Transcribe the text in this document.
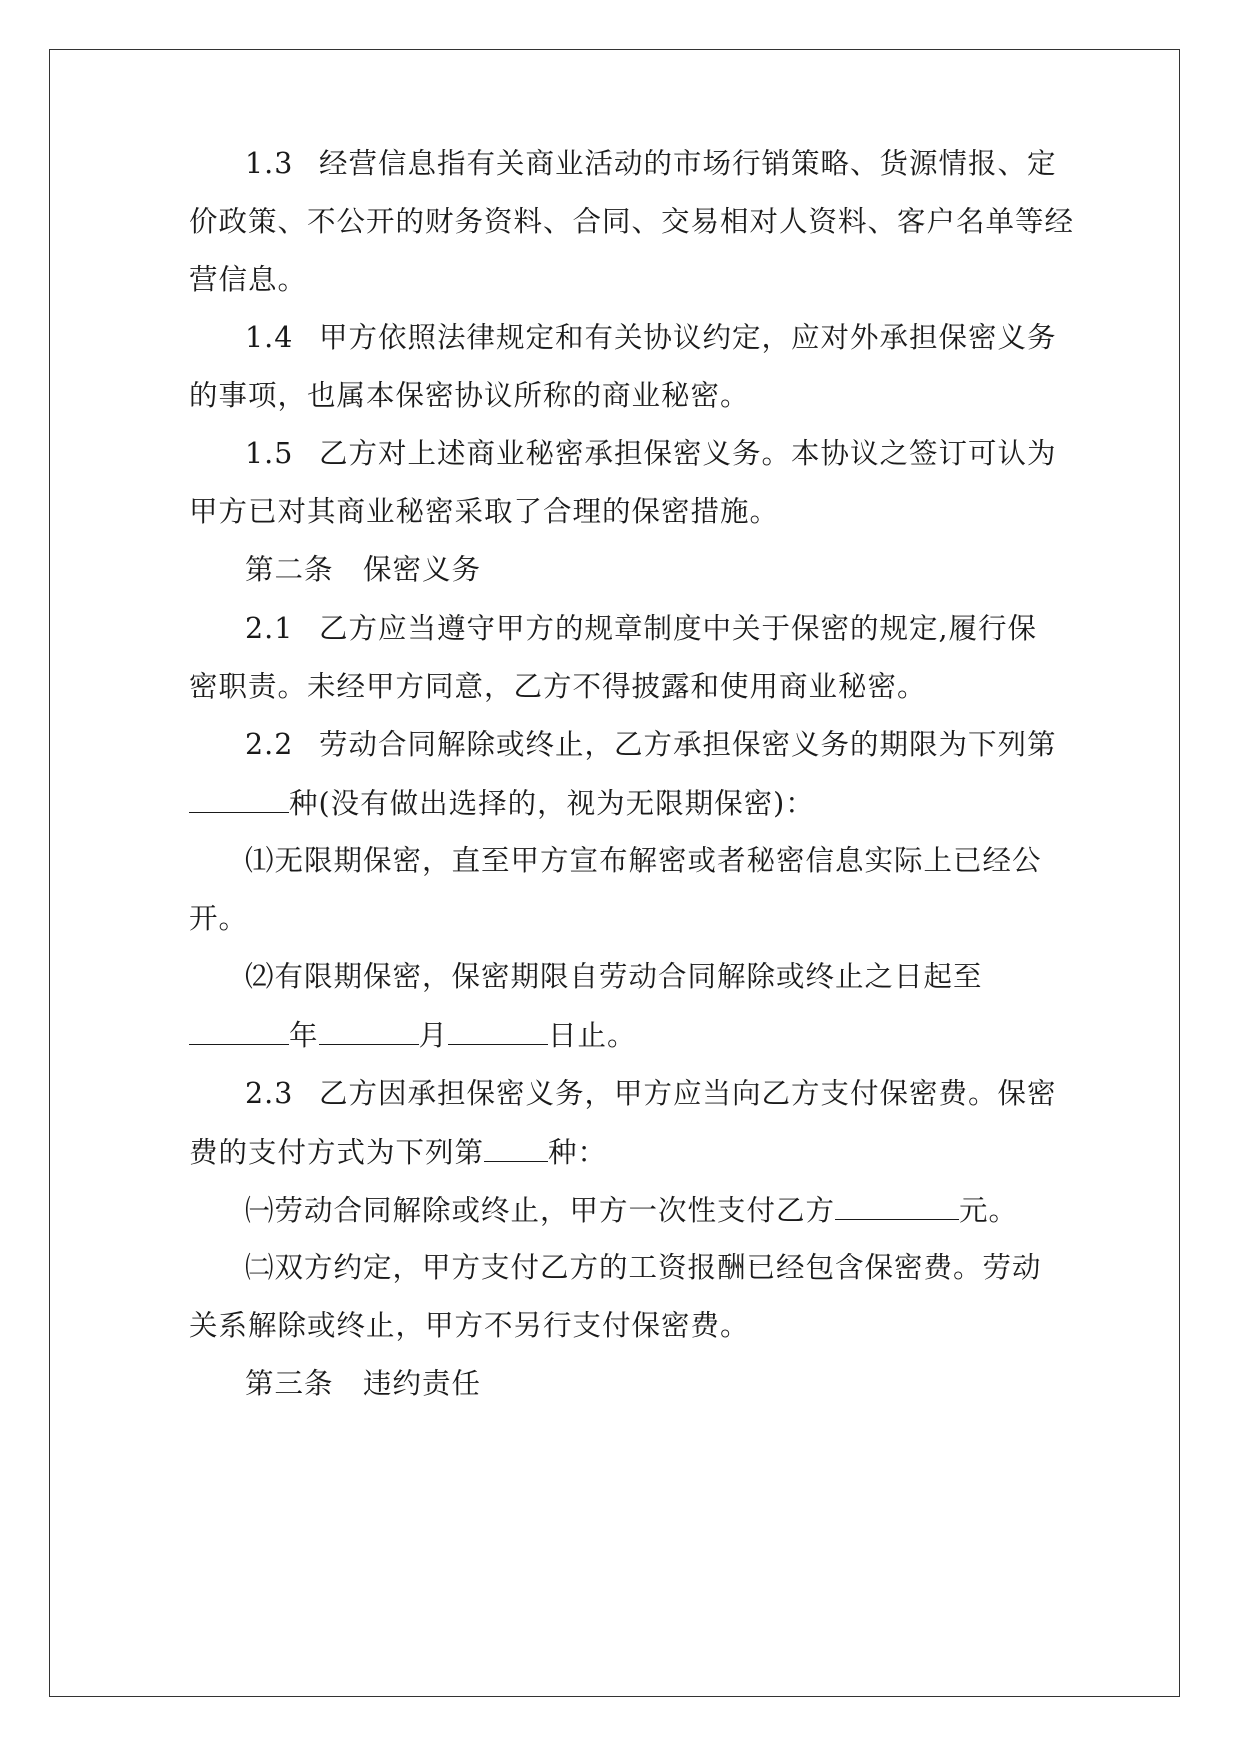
1.3 经营信息指有关商业活动的市场行销策略、货源情报、定
价政策、不公开的财务资料、合同、交易相对人资料、客户名单等经
营信息。
1.4 甲方依照法律规定和有关协议约定，应对外承担保密义务
的事项，也属本保密协议所称的商业秘密。
1.5 乙方对上述商业秘密承担保密义务。本协议之签订可认为
甲方已对其商业秘密采取了合理的保密措施。
第二条 保密义务
2.1 乙方应当遵守甲方的规章制度中关于保密的规定,履行保
密职责。未经甲方同意，乙方不得披露和使用商业秘密。
2.2 劳动合同解除或终止，乙方承担保密义务的期限为下列第
种(没有做出选择的，视为无限期保密)：
⑴无限期保密，直至甲方宣布解密或者秘密信息实际上已经公
开。
⑵有限期保密，保密期限自劳动合同解除或终止之日起至
年	月	日止。
2.3 乙方因承担保密义务，甲方应当向乙方支付保密费。保密
费的支付方式为下列第 种：
㈠劳动合同解除或终止，甲方一次性支付乙方	元。
㈡双方约定，甲方支付乙方的工资报酬已经包含保密费。劳动
关系解除或终止，甲方不另行支付保密费。
第三条 违约责任
